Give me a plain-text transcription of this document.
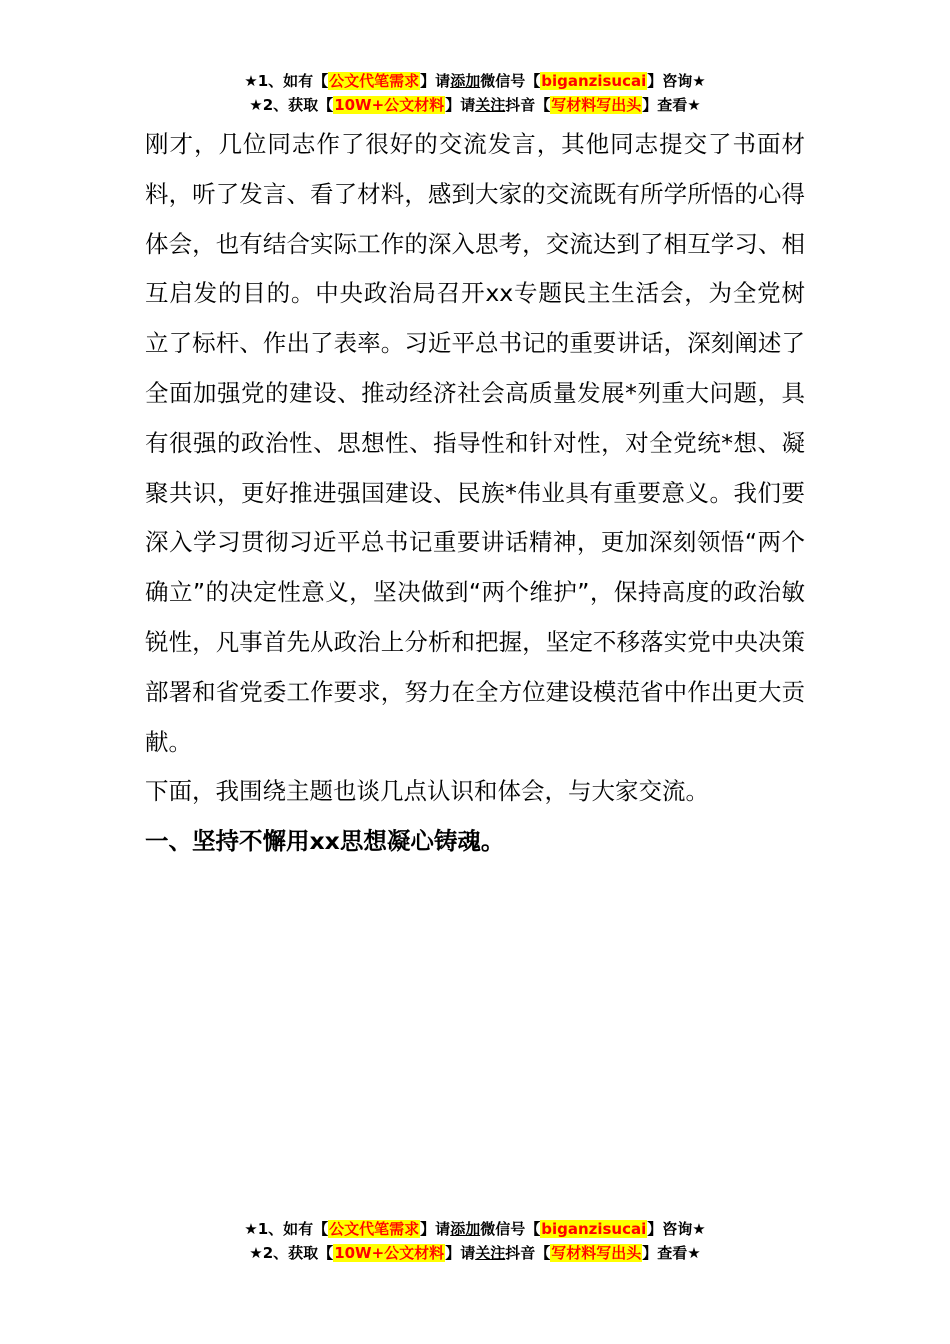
★1、如有【公文代笔需求】请添加微信号【biganzisucai】咨询★
★2、获取【10W+公文材料】请关注抖音【写材料写出头】查看★

刚才，几位同志作了很好的交流发言，其他同志提交了书面材料，听了发言、看了材料，感到大家的交流既有所学所悟的心得体会，也有结合实际工作的深入思考，交流达到了相互学习、相互启发的目的。中央政治局召开xx专题民主生活会，为全党树立了标杆、作出了表率。习近平总书记的重要讲话，深刻阐述了全面加强党的建设、推动经济社会高质量发展*列重大问题，具有很强的政治性、思想性、指导性和针对性，对全党统*想、凝聚共识，更好推进强国建设、民族*伟业具有重要意义。我们要深入学习贯彻习近平总书记重要讲话精神，更加深刻领悟“两个确立”的决定性意义，坚决做到“两个维护”，保持高度的政治敏锐性，凡事首先从政治上分析和把握，坚定不移落实党中央决策部署和省党委工作要求，努力在全方位建设模范省中作出更大贡献。

下面，我围绕主题也谈几点认识和体会，与大家交流。

一、坚持不懈用xx思想凝心铸魂。

★1、如有【公文代笔需求】请添加微信号【biganzisucai】咨询★
★2、获取【10W+公文材料】请关注抖音【写材料写出头】查看★
